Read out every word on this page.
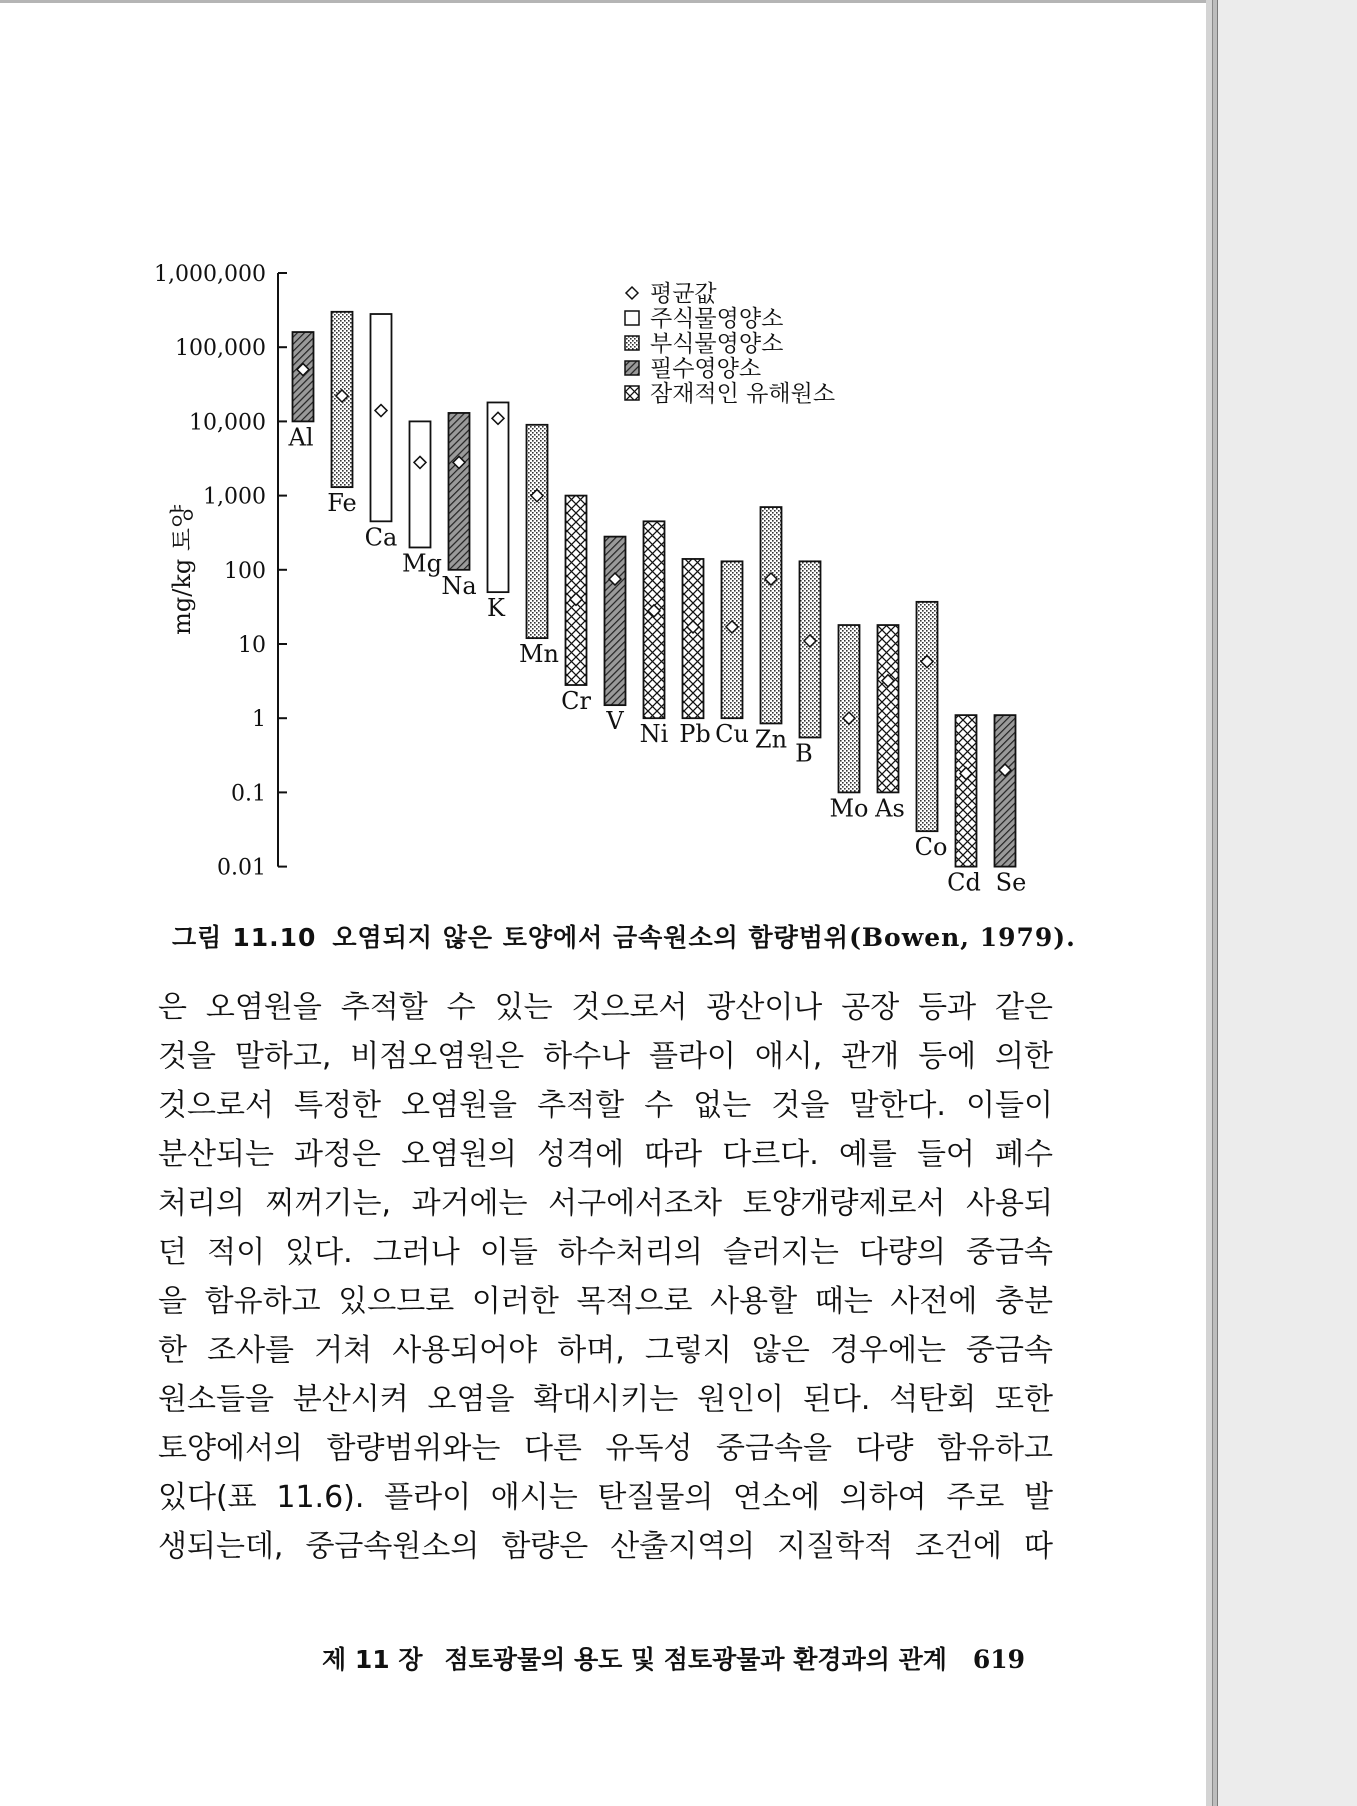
1,000,000
100,000
10,000
1,000
100
10
1
0.1
0.01
mg/kg 토양
Al
Fe
Ca
Mg
Na
K
Mn
Cr
V Ni Pb Cu Zn
B
Mo As
Co
Cd Se
평균값
주식물영양소
부식물영양소
필수영양소
잠재적인 유해원소
그림 11.10 오염되지 않은 토양에서 금속원소의 함량범위(Bowen, 1979).
은 오염원을 추적할 수 있는 것으로서 광산이나 공장 등과 같은
것을 말하고, 비점오염원은 하수나 플라이 애시, 관개 등에 의한
것으로서 특정한 오염원을 추적할 수 없는 것을 말한다. 이들이
분산되는 과정은 오염원의 성격에 따라 다르다. 예를 들어 폐수
처리의 찌꺼기는, 과거에는 서구에서조차 토양개량제로서 사용되
던 적이 있다. 그러나 이들 하수처리의 슬러지는 다량의 중금속
을 함유하고 있으므로 이러한 목적으로 사용할 때는 사전에 충분
한 조사를 거쳐 사용되어야 하며, 그렇지 않은 경우에는 중금속
원소들을 분산시켜 오염을 확대시키는 원인이 된다. 석탄회 또한
토양에서의 함량범위와는 다른 유독성 중금속을 다량 함유하고
있다(표 11.6). 플라이 애시는 탄질물의 연소에 의하여 주로 발
생되는데, 중금속원소의 함량은 산출지역의 지질학적 조건에 따
제 11 장 점토광물의 용도 및 점토광물과 환경과의 관계 619
